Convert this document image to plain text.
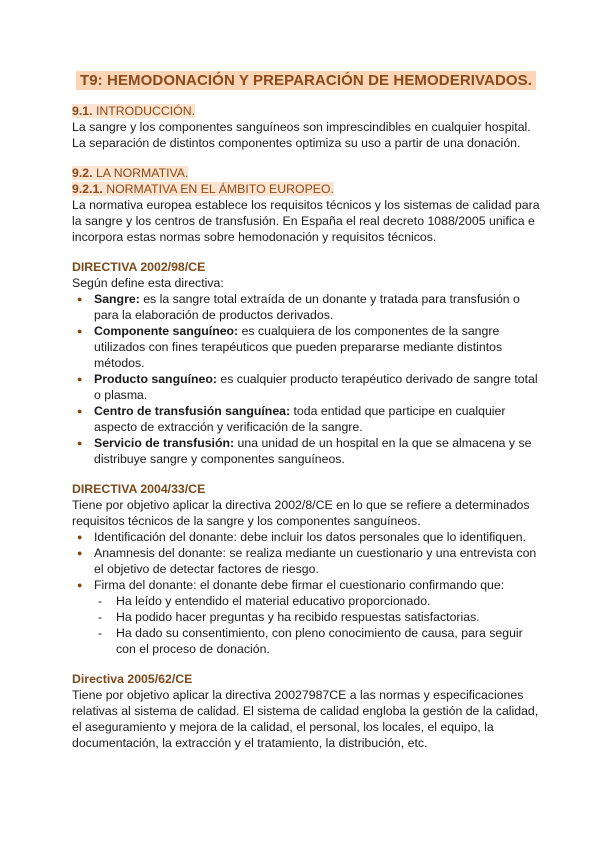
T9: HEMODONACIÓN Y PREPARACIÓN DE HEMODERIVADOS.
9.1. INTRODUCCIÓN.

La sangre y los componentes sanguíneos son imprescindibles en cualquier hospital.

La separación de distintos componentes optimiza su uso a partir de una donación.

9.2. LA NORMATIVA.
9.2.1. NORMATIVA EN EL ÁMBITO EUROPEO.

La normativa europea establece los requisitos técnicos y los sistemas de calidad para la sangre y los centros de transfusión. En España el real decreto 1088/2005 unifica e incorpora estas normas sobre hemodonación y requisitos técnicos.

DIRECTIVA 2002/98/CE

Según define esta directiva:

● Sangre: es la sangre total extraída de un donante y tratada para transfusión o para la elaboración de productos derivados.
● Componente sanguíneo: es cualquiera de los componentes de la sangre utilizados con fines terapéuticos que pueden prepararse mediante distintos métodos.
● Producto sanguíneo: es cualquier producto terapéutico derivado de sangre total o plasma.
● Centro de transfusión sanguínea: toda entidad que participe en cualquier aspecto de extracción y verificación de la sangre.
● Servicio de transfusión: una unidad de un hospital en la que se almacena y se distribuye sangre y componentes sanguíneos.
DIRECTIVA 2004/33/CE

Tiene por objetivo aplicar la directiva 2002/8/CE en lo que se refiere a determinados requisitos técnicos de la sangre y los componentes sanguíneos.

● Identificación del donante: debe incluir los datos personales que lo identifiquen.
● Anamnesis del donante: se realiza mediante un cuestionario y una entrevista con el objetivo de detectar factores de riesgo.
● Firma del donante: el donante debe firmar el cuestionario confirmando que:
- Ha leído y entendido el material educativo proporcionado.
- Ha podido hacer preguntas y ha recibido respuestas satisfactorias.
- Ha dado su consentimiento, con pleno conocimiento de causa, para seguir con el proceso de donación.
Directiva 2005/62/CE

Tiene por objetivo aplicar la directiva 20027987CE a las normas y especificaciones relativas al sistema de calidad. El sistema de calidad engloba la gestión de la calidad, el aseguramiento y mejora de la calidad, el personal, los locales, el equipo, la documentación, la extracción y el tratamiento, la distribución, etc.
